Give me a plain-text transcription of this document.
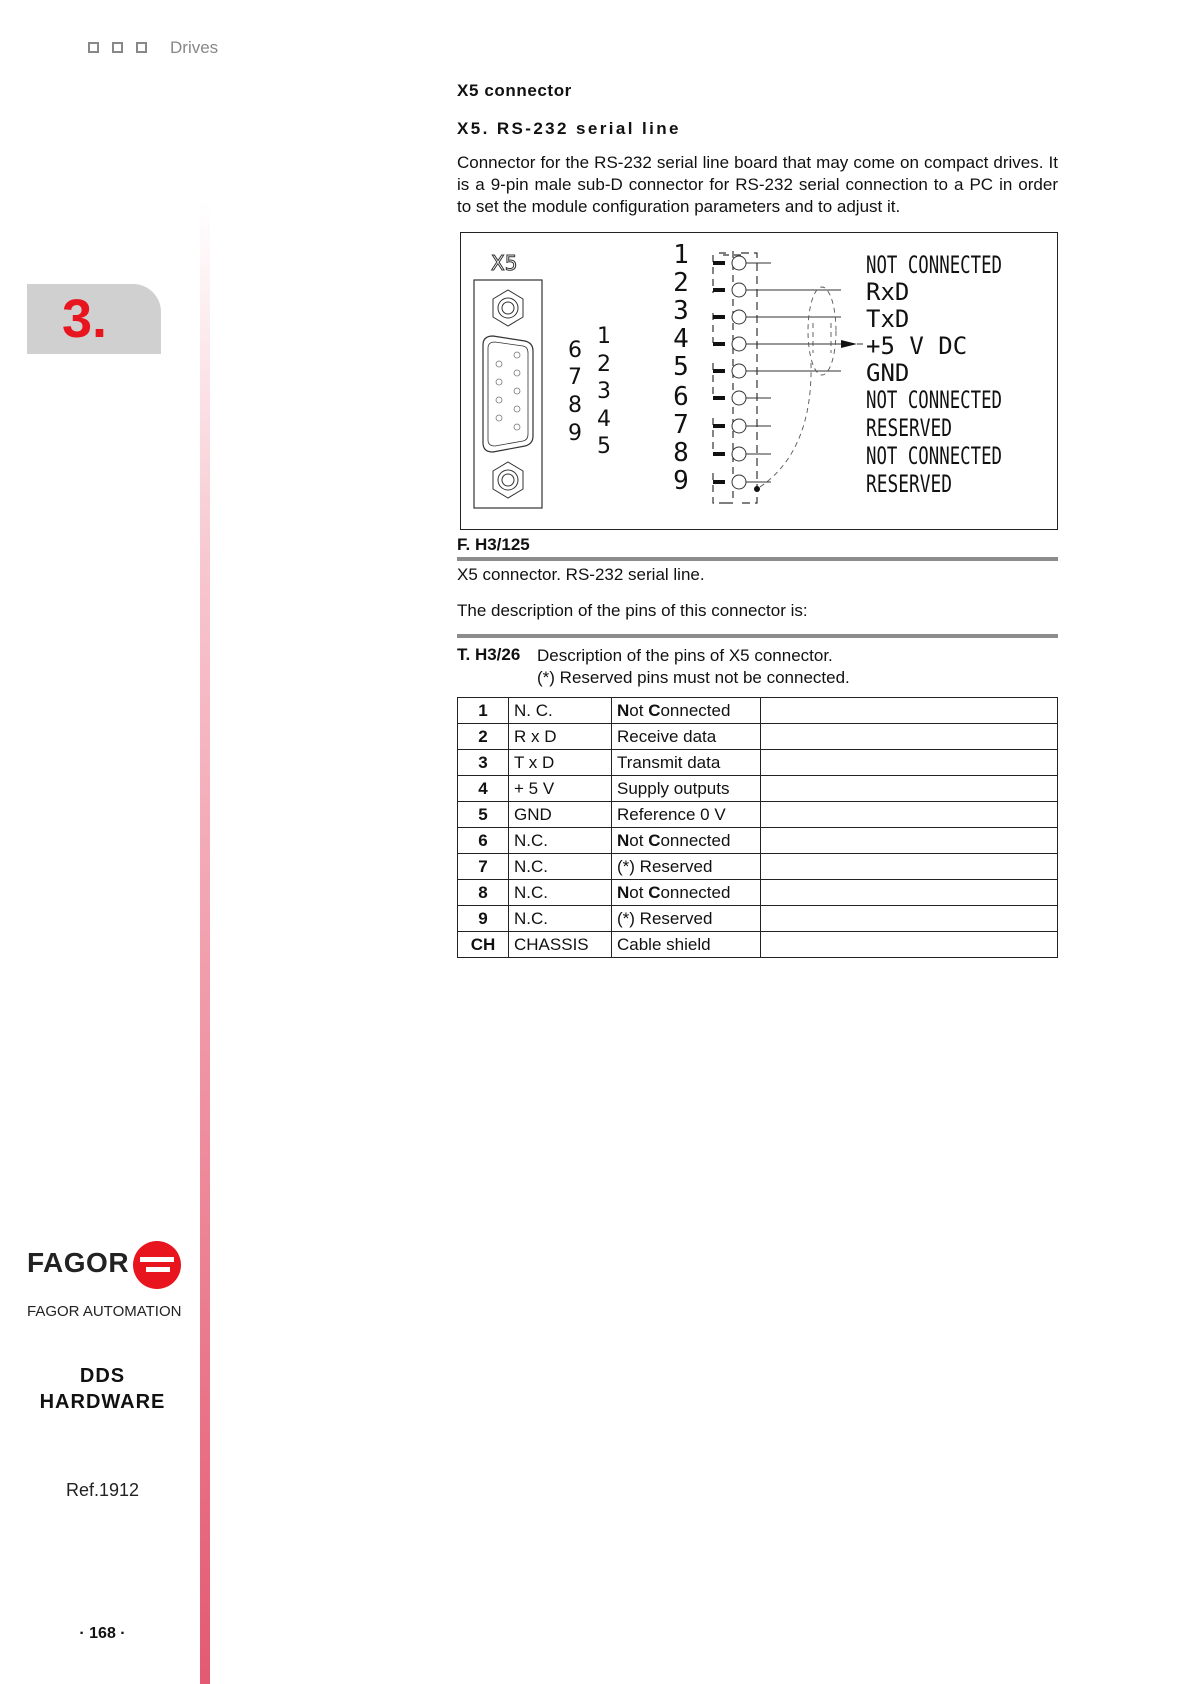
Drives
3.
FAGOR
FAGOR AUTOMATION
DDS
HARDWARE
Ref.1912
· 168 ·
X5 connector
X5. RS-232 serial line
Connector for the RS-232 serial line board that may come on compact drives. It is a 9-pin male sub-D connector for RS-232 serial connection to a PC in order to set the module configuration parameters and to adjust it.
X5
1
2
3
4
5
6
7
8
9
1
2
3
4
5
6
7
8
9
NOT CONNECTED
RxD
TxD
+5 V DC
GND
NOT CONNECTED
RESERVED
NOT CONNECTED
RESERVED
F. H3/125
X5 connector. RS-232 serial line.
The description of the pins of this connector is:
T. H3/26 Description of the pins of X5 connector.
(*) Reserved pins must not be connected.
1	N. C.	Not Connected	
2	R x D	Receive data	
3	T x D	Transmit data	
4	+ 5 V	Supply outputs	
5	GND	Reference 0 V	
6	N.C.	Not Connected	
7	N.C.	(*) Reserved	
8	N.C.	Not Connected	
9	N.C.	(*) Reserved	
CH	CHASSIS	Cable shield	
